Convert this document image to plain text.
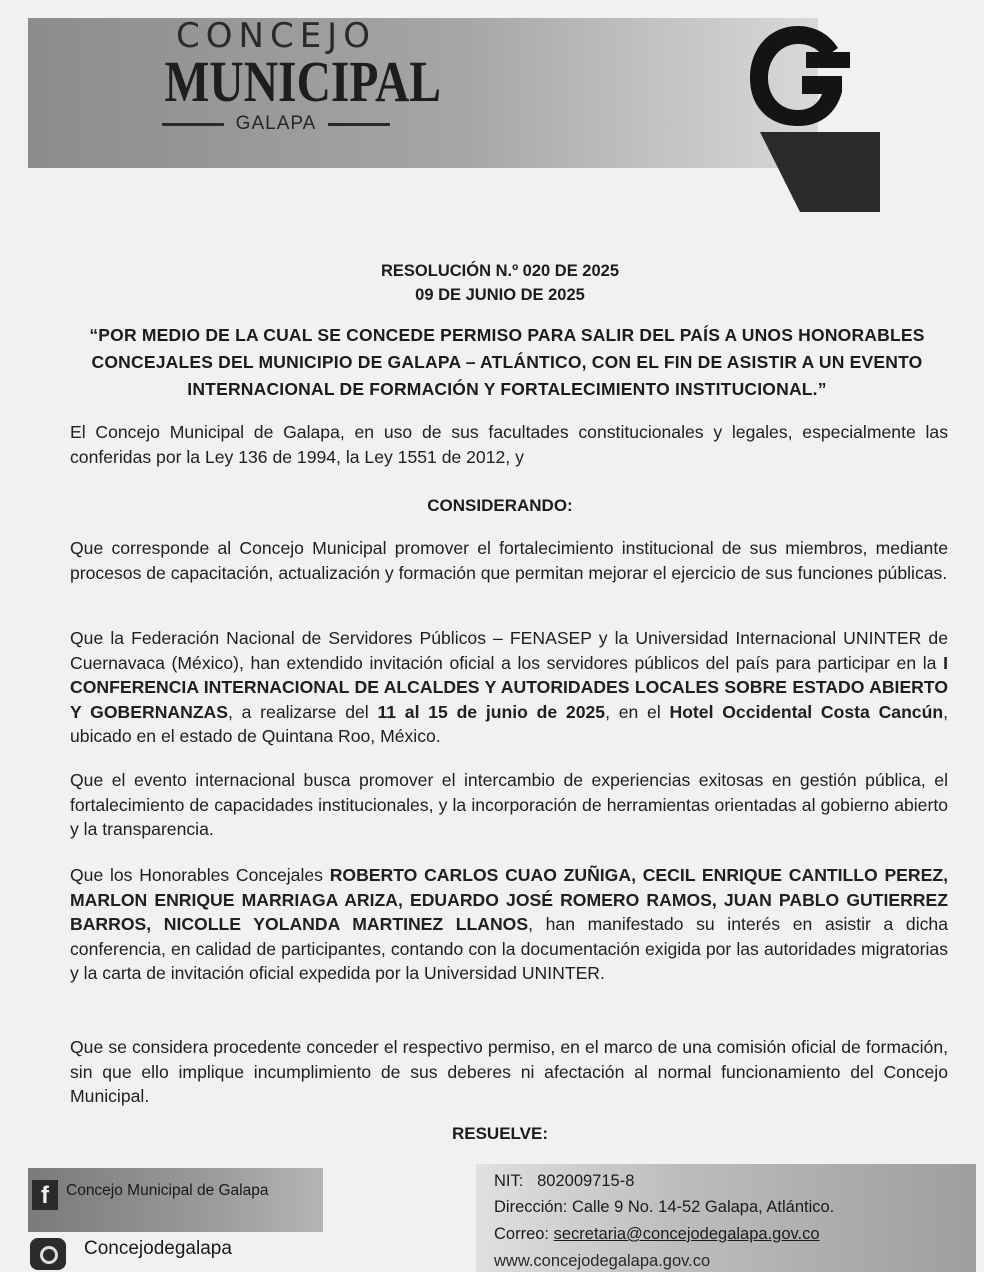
CONCEJO
MUNICIPAL
GALAPA
RESOLUCIÓN N.º 020 DE 2025
09 DE JUNIO DE 2025
“POR MEDIO DE LA CUAL SE CONCEDE PERMISO PARA SALIR DEL PAÍS A UNOS HONORABLES CONCEJALES DEL MUNICIPIO DE GALAPA – ATLÁNTICO, CON EL FIN DE ASISTIR A UN EVENTO INTERNACIONAL DE FORMACIÓN Y FORTALECIMIENTO INSTITUCIONAL.”
El Concejo Municipal de Galapa, en uso de sus facultades constitucionales y legales, especialmente las conferidas por la Ley 136 de 1994, la Ley 1551 de 2012, y
CONSIDERANDO:
Que corresponde al Concejo Municipal promover el fortalecimiento institucional de sus miembros, mediante procesos de capacitación, actualización y formación que permitan mejorar el ejercicio de sus funciones públicas.
Que la Federación Nacional de Servidores Públicos – FENASEP y la Universidad Internacional UNINTER de Cuernavaca (México), han extendido invitación oficial a los servidores públicos del país para participar en la I CONFERENCIA INTERNACIONAL DE ALCALDES Y AUTORIDADES LOCALES SOBRE ESTADO ABIERTO Y GOBERNANZAS, a realizarse del 11 al 15 de junio de 2025, en el Hotel Occidental Costa Cancún, ubicado en el estado de Quintana Roo, México.
Que el evento internacional busca promover el intercambio de experiencias exitosas en gestión pública, el fortalecimiento de capacidades institucionales, y la incorporación de herramientas orientadas al gobierno abierto y la transparencia.
Que los Honorables Concejales ROBERTO CARLOS CUAO ZUÑIGA, CECIL ENRIQUE CANTILLO PEREZ, MARLON ENRIQUE MARRIAGA ARIZA, EDUARDO JOSÉ ROMERO RAMOS, JUAN PABLO GUTIERREZ BARROS, NICOLLE YOLANDA MARTINEZ LLANOS, han manifestado su interés en asistir a dicha conferencia, en calidad de participantes, contando con la documentación exigida por las autoridades migratorias y la carta de invitación oficial expedida por la Universidad UNINTER.
Que se considera procedente conceder el respectivo permiso, en el marco de una comisión oficial de formación, sin que ello implique incumplimiento de sus deberes ni afectación al normal funcionamiento del Concejo Municipal.
RESUELVE:
f	Concejo Municipal de Galapa
Concejodegalapa
NIT: 802009715-8
Dirección: Calle 9 No. 14-52 Galapa, Atlántico.
Correo: secretaria@concejodegalapa.gov.co
www.concejodegalapa.gov.co
